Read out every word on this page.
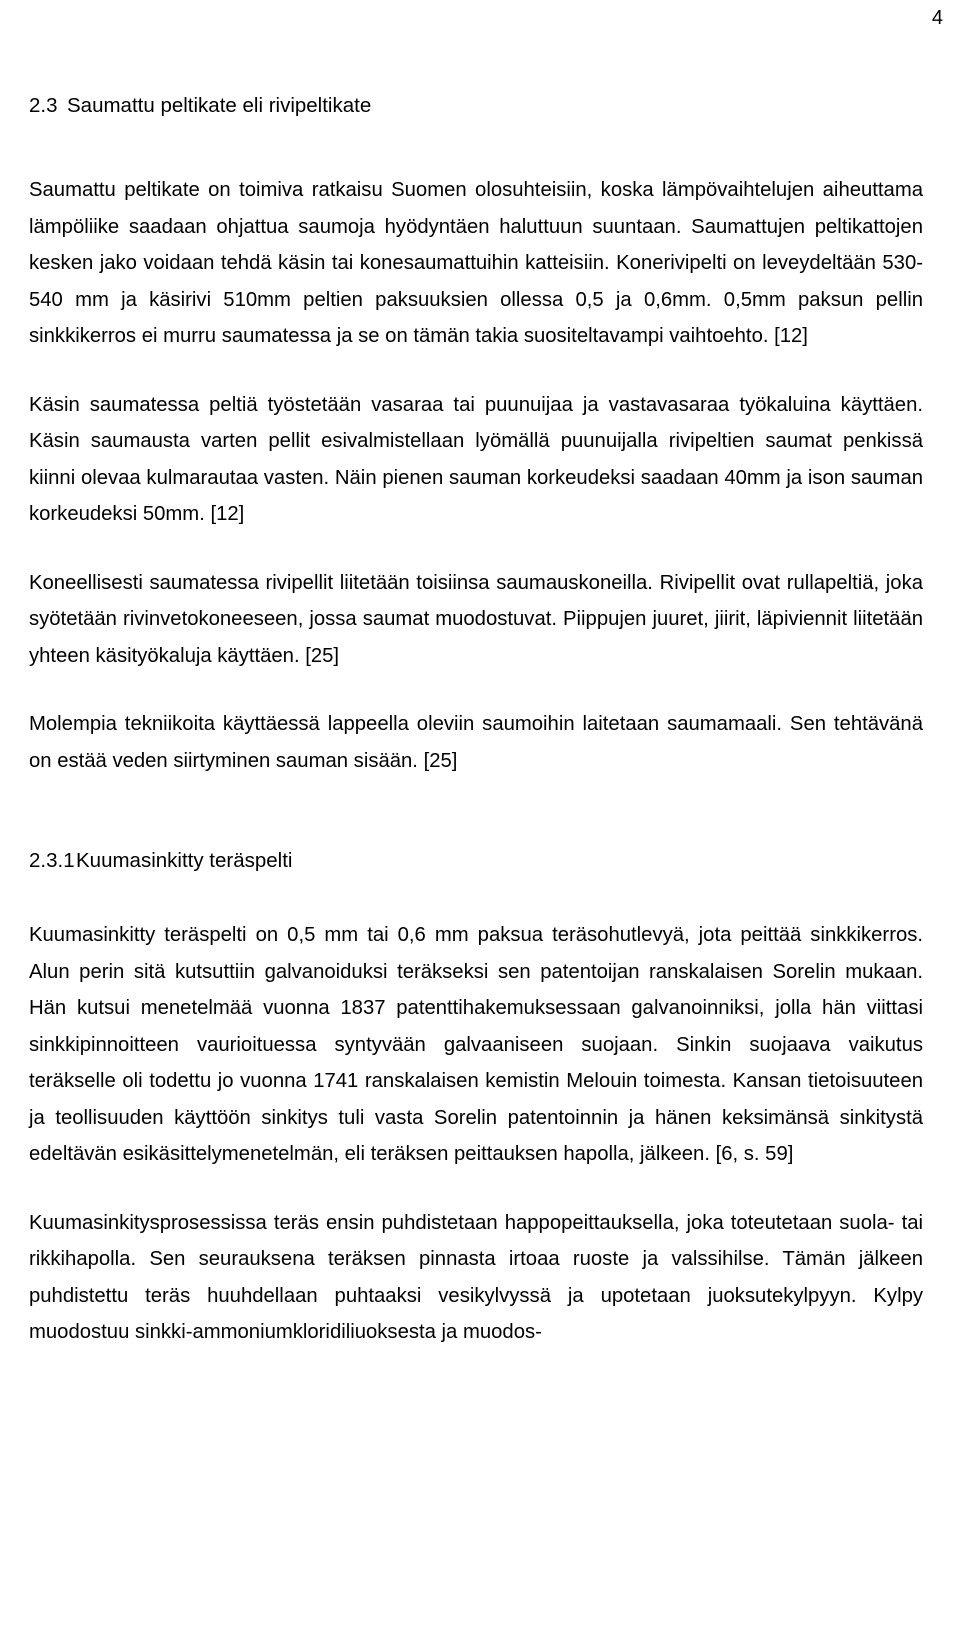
4
2.3 Saumattu peltikate eli rivipeltikate

Saumattu peltikate on toimiva ratkaisu Suomen olosuhteisiin, koska lämpövaihtelujen aiheuttama lämpöliike saadaan ohjattua saumoja hyödyntäen haluttuun suuntaan. Saumattujen peltikattojen kesken jako voidaan tehdä käsin tai konesaumattuihin katteisiin. Konerivipelti on leveydeltään 530-540 mm ja käsirivi 510mm peltien paksuuksien ollessa 0,5 ja 0,6mm. 0,5mm paksun pellin sinkkikerros ei murru saumatessa ja se on tämän takia suositeltavampi vaihtoehto. [12]

Käsin saumatessa peltiä työstetään vasaraa tai puunuijaa ja vastavasaraa työkaluina käyttäen. Käsin saumausta varten pellit esivalmistellaan lyömällä puunuijalla rivipeltien saumat penkissä kiinni olevaa kulmarautaa vasten. Näin pienen sauman korkeudeksi saadaan 40mm ja ison sauman korkeudeksi 50mm. [12]

Koneellisesti saumatessa rivipellit liitetään toisiinsa saumauskoneilla. Rivipellit ovat rullapeltiä, joka syötetään rivinvetokoneeseen, jossa saumat muodostuvat. Piippujen juuret, jiirit, läpiviennit liitetään yhteen käsityökaluja käyttäen. [25]

Molempia tekniikoita käyttäessä lappeella oleviin saumoihin laitetaan saumamaali. Sen tehtävänä on estää veden siirtyminen sauman sisään. [25]

2.3.1 Kuumasinkitty teräspelti

Kuumasinkitty teräspelti on 0,5 mm tai 0,6 mm paksua teräsohutlevyä, jota peittää sinkkikerros. Alun perin sitä kutsuttiin galvanoiduksi teräkseksi sen patentoijan ranskalaisen Sorelin mukaan. Hän kutsui menetelmää vuonna 1837 patenttihakemuksessaan galvanoinniksi, jolla hän viittasi sinkkipinnoitteen vaurioituessa syntyvään galvaaniseen suojaan. Sinkin suojaava vaikutus teräkselle oli todettu jo vuonna 1741 ranskalaisen kemistin Melouin toimesta. Kansan tietoisuuteen ja teollisuuden käyttöön sinkitys tuli vasta Sorelin patentoinnin ja hänen keksimänsä sinkitystä edeltävän esikäsittelymenetelmän, eli teräksen peittauksen hapolla, jälkeen. [6, s. 59]

Kuumasinkitysprosessissa teräs ensin puhdistetaan happopeittauksella, joka toteutetaan suola- tai rikkihapolla. Sen seurauksena teräksen pinnasta irtoaa ruoste ja valssihilse. Tämän jälkeen puhdistettu teräs huuhdellaan puhtaaksi vesikylvyssä ja upotetaan juoksutekylpyyn. Kylpy muodostuu sinkki-ammoniumkloridiliuoksesta ja muodos-
